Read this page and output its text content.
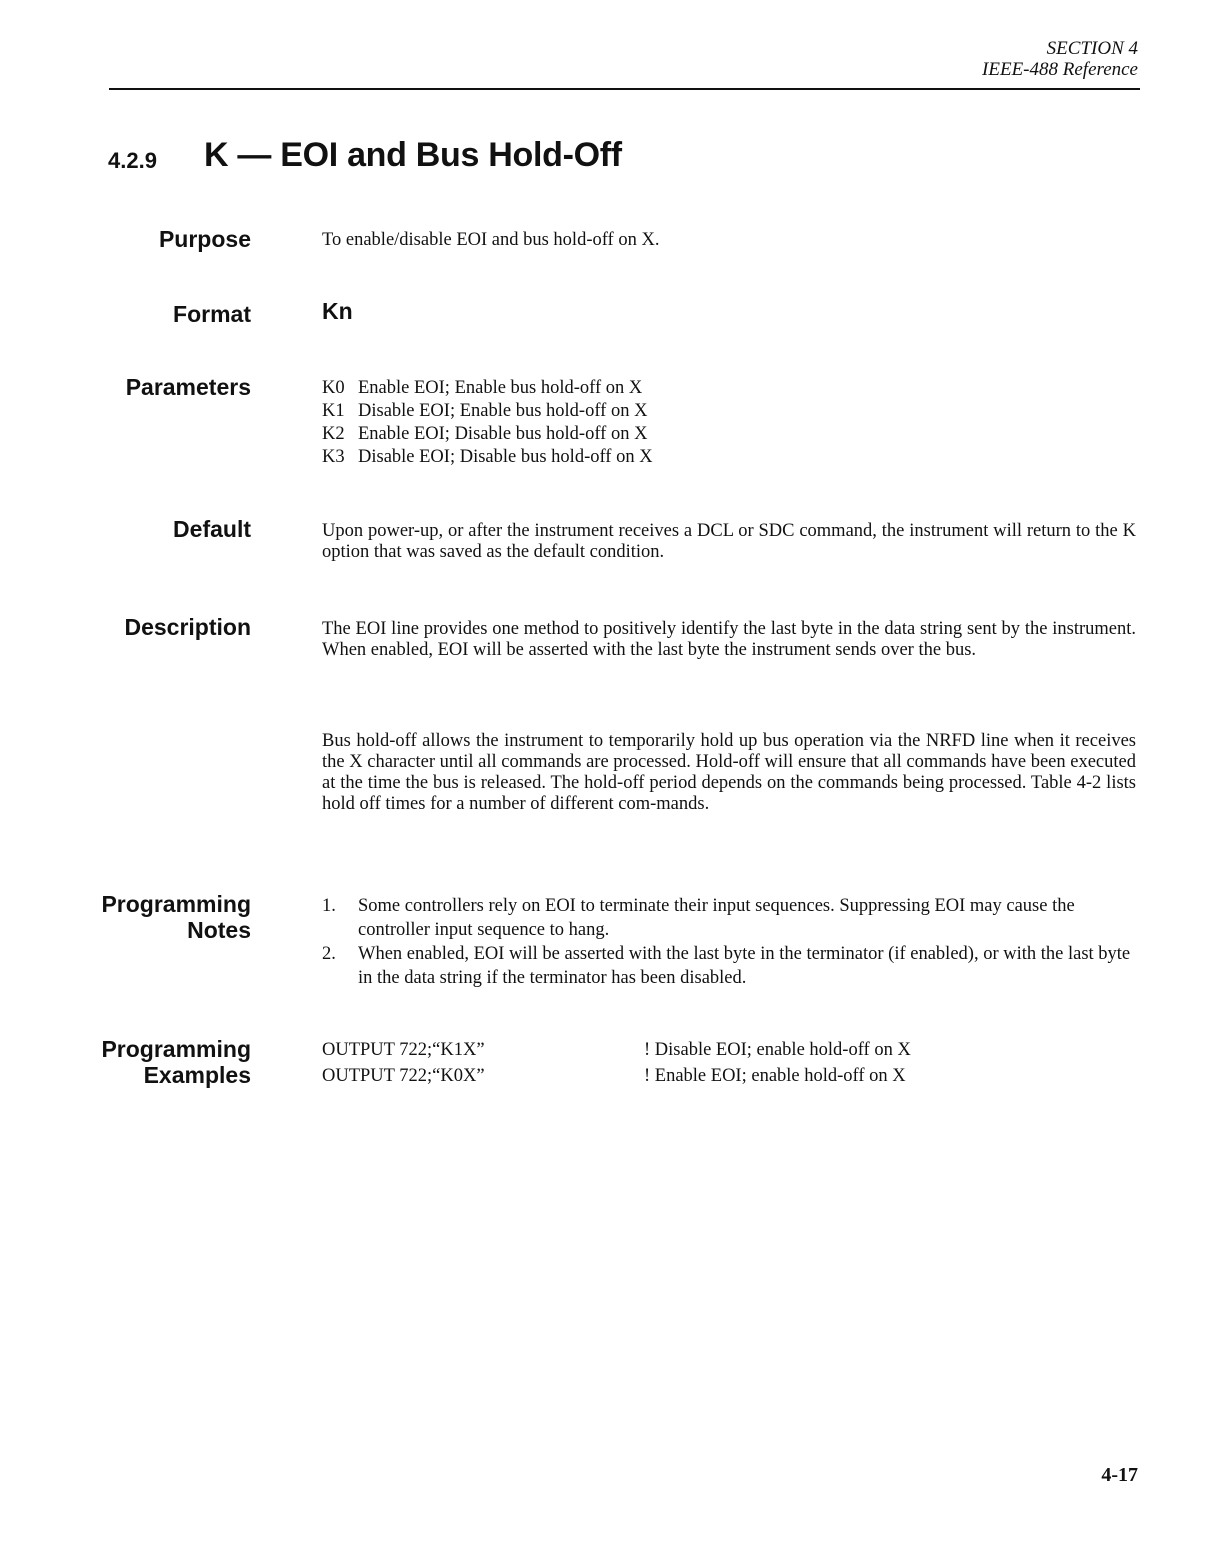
SECTION 4
IEEE-488 Reference
4.2.9 K — EOI and Bus Hold-Off
Purpose	To enable/disable EOI and bus hold-off on X.
Format	Kn
Parameters	K0 Enable EOI; Enable bus hold-off on X
K1 Disable EOI; Enable bus hold-off on X
K2 Enable EOI; Disable bus hold-off on X
K3 Disable EOI; Disable bus hold-off on X
Default	Upon power-up, or after the instrument receives a DCL or SDC command, the instrument will return to the K option that was saved as the default condition.
Description	The EOI line provides one method to positively identify the last byte in the data string sent by the instrument. When enabled, EOI will be asserted with the last byte the instrument sends over the bus.
Bus hold-off allows the instrument to temporarily hold up bus operation via the NRFD line when it receives the X character until all commands are processed. Hold-off will ensure that all commands have been executed at the time the bus is released. The hold-off period depends on the commands being processed. Table 4-2 lists hold off times for a number of different com-mands.
Programming
Notes
1. Some controllers rely on EOI to terminate their input sequences. Suppressing EOI may cause the controller input sequence to hang.
2. When enabled, EOI will be asserted with the last byte in the terminator (if enabled), or with the last byte in the data string if the terminator has been disabled.
Programming
Examples
OUTPUT 722;“K1X”	! Disable EOI; enable hold-off on X
OUTPUT 722;“K0X”	! Enable EOI; enable hold-off on X
4-17
